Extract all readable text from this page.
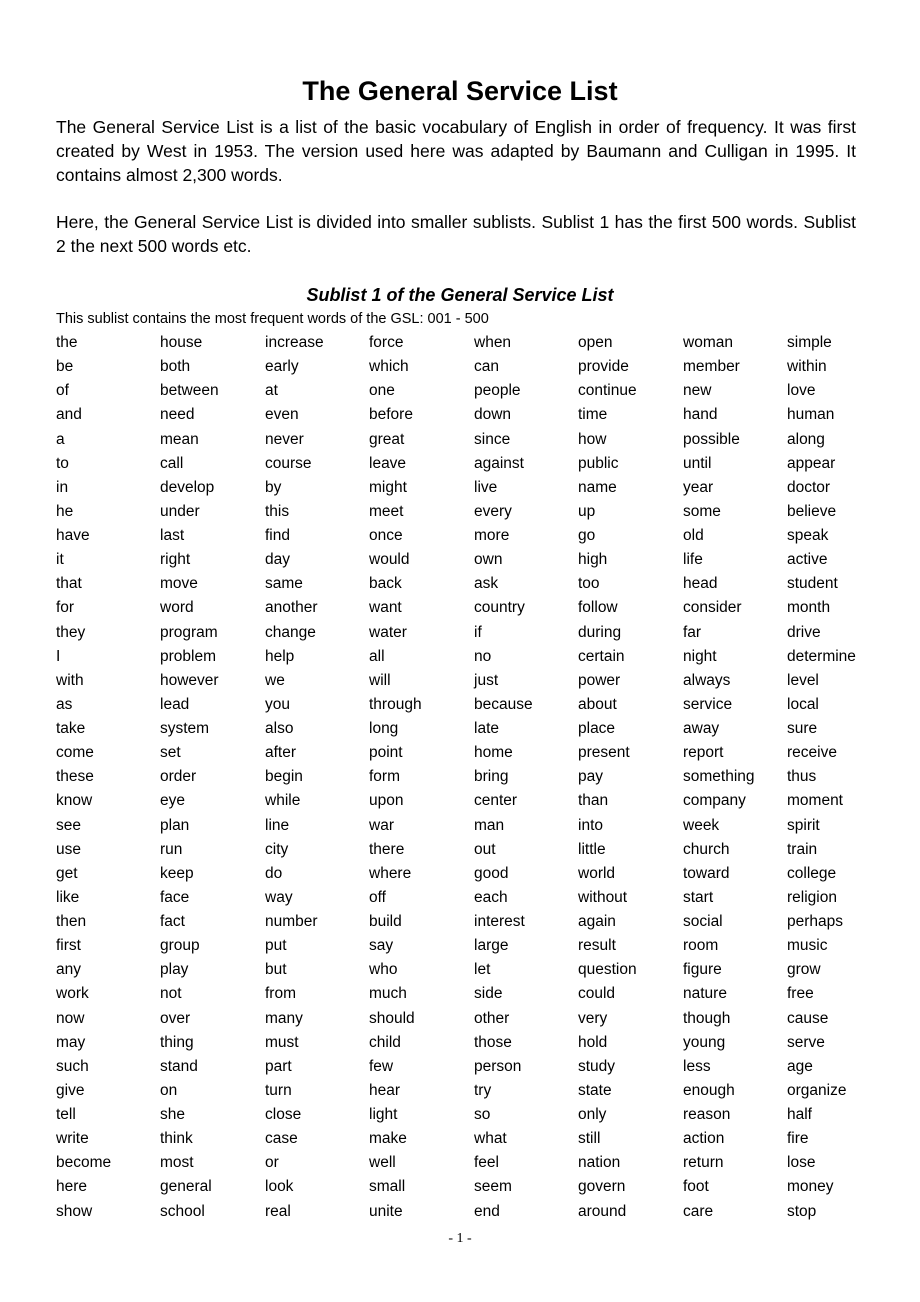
The General Service List

The General Service List is a list of the basic vocabulary of English in order of frequency. It was first created by West in 1953. The version used here was adapted by Baumann and Culligan in 1995. It contains almost 2,300 words.

Here, the General Service List is divided into smaller sublists. Sublist 1 has the first 500 words. Sublist 2 the next 500 words etc.

Sublist 1 of the General Service List
This sublist contains the most frequent words of the GSL: 001 - 500
the
be
of
and
a
to
in
he
have
it
that
for
they
I
with
as
take
come
these
know
see
use
get
like
then
first
any
work
now
may
such
give
tell
write
become
here
show
house
both
between
need
mean
call
develop
under
last
right
move
word
program
problem
however
lead
system
set
order
eye
plan
run
keep
face
fact
group
play
not
over
thing
stand
on
she
think
most
general
school
increase
early
at
even
never
course
by
this
find
day
same
another
change
help
we
you
also
after
begin
while
line
city
do
way
number
put
but
from
many
must
part
turn
close
case
or
look
real
force
which
one
before
great
leave
might
meet
once
would
back
want
water
all
will
through
long
point
form
upon
war
there
where
off
build
say
who
much
should
child
few
hear
light
make
well
small
unite
when
can
people
down
since
against
live
every
more
own
ask
country
if
no
just
because
late
home
bring
center
man
out
good
each
interest
large
let
side
other
those
person
try
so
what
feel
seem
end
open
provide
continue
time
how
public
name
up
go
high
too
follow
during
certain
power
about
place
present
pay
than
into
little
world
without
again
result
question
could
very
hold
study
state
only
still
nation
govern
around
woman
member
new
hand
possible
until
year
some
old
life
head
consider
far
night
always
service
away
report
something
company
week
church
toward
start
social
room
figure
nature
though
young
less
enough
reason
action
return
foot
care
simple
within
love
human
along
appear
doctor
believe
speak
active
student
month
drive
determine
level
local
sure
receive
thus
moment
spirit
train
college
religion
perhaps
music
grow
free
cause
serve
age
organize
half
fire
lose
money
stop
- 1 -
